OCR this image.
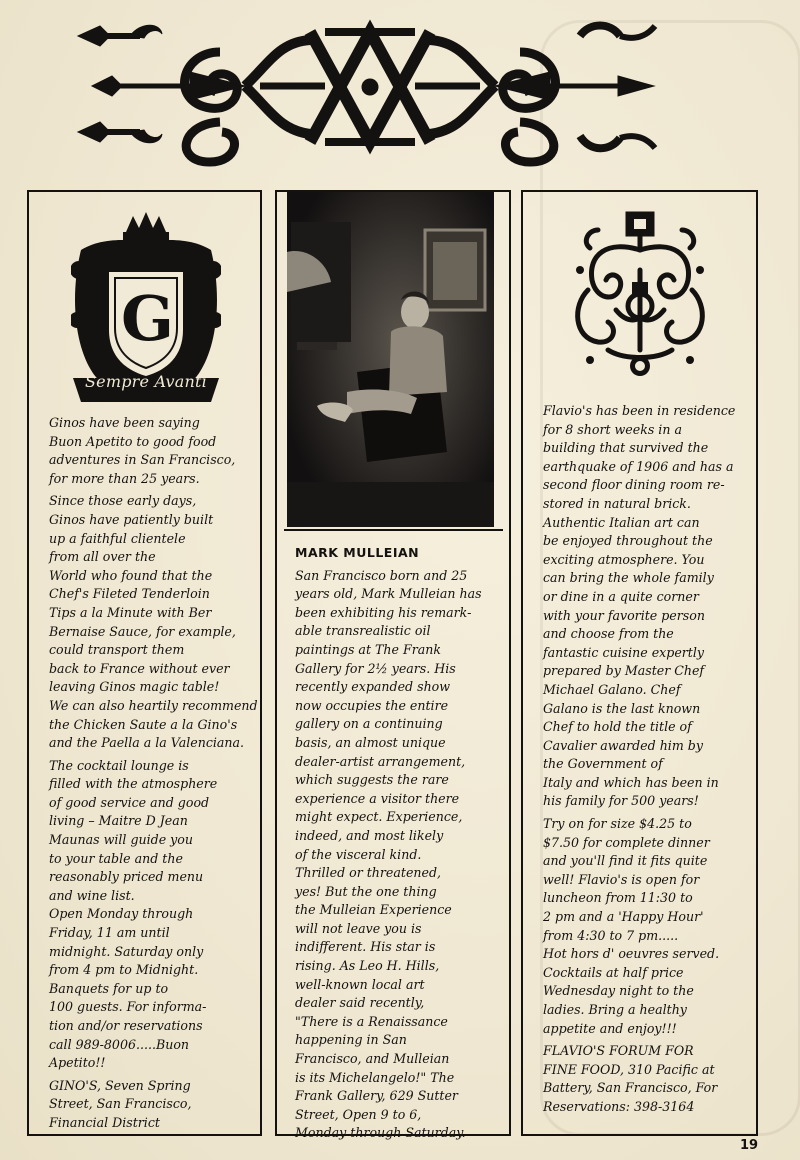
G
Sempre Avanti

Ginos have been saying
Buon Apetito to good food
adventures in San Francisco,
for more than 25 years.

Since those early days,
Ginos have patiently built
up a faithful clientele
from all over the
World who found that the
Chef's Fileted Tenderloin
Tips a la Minute with Ber
Bernaise Sauce, for example,
could transport them
back to France without ever
leaving Ginos magic table!
We can also heartily recommend
the Chicken Saute a la Gino's
and the Paella a la Valenciana.

The cocktail lounge is
filled with the atmosphere
of good service and good
living – Maitre D Jean
Maunas will guide you
to your table and the
reasonably priced menu
and wine list.
Open Monday through
Friday, 11 am until
midnight. Saturday only
from 4 pm to Midnight.
Banquets for up to
100 guests. For informa-
tion and/or reservations
call 989-8006.....Buon
Apetito!!

GINO'S, Seven Spring
Street, San Francisco,
Financial District

MARK MULLEIAN

San Francisco born and 25
years old, Mark Mulleian has
been exhibiting his remark-
able transrealistic oil
paintings at The Frank
Gallery for 2½ years. His
recently expanded show
now occupies the entire
gallery on a continuing
basis, an almost unique
dealer-artist arrangement,
which suggests the rare
experience a visitor there
might expect. Experience,
indeed, and most likely
of the visceral kind.
Thrilled or threatened,
yes! But the one thing
the Mulleian Experience
will not leave you is
indifferent. His star is
rising. As Leo H. Hills,
well-known local art
dealer said recently,
"There is a Renaissance
happening in San
Francisco, and Mulleian
is its Michelangelo!" The
Frank Gallery, 629 Sutter
Street, Open 9 to 6,
Monday through Saturday.

Flavio's has been in residence
for 8 short weeks in a
building that survived the
earthquake of 1906 and has a
second floor dining room re-
stored in natural brick.
Authentic Italian art can
be enjoyed throughout the
exciting atmosphere. You
can bring the whole family
or dine in a quite corner
with your favorite person
and choose from the
fantastic cuisine expertly
prepared by Master Chef
Michael Galano. Chef
Galano is the last known
Chef to hold the title of
Cavalier awarded him by
the Government of
Italy and which has been in
his family for 500 years!

Try on for size $4.25 to
$7.50 for complete dinner
and you'll find it fits quite
well! Flavio's is open for
luncheon from 11:30 to
2 pm and a 'Happy Hour'
from 4:30 to 7 pm.....
Hot hors d' oeuvres served.
Cocktails at half price
Wednesday night to the
ladies. Bring a healthy
appetite and enjoy!!!

FLAVIO'S FORUM FOR
FINE FOOD, 310 Pacific at
Battery, San Francisco, For
Reservations: 398-3164

19
